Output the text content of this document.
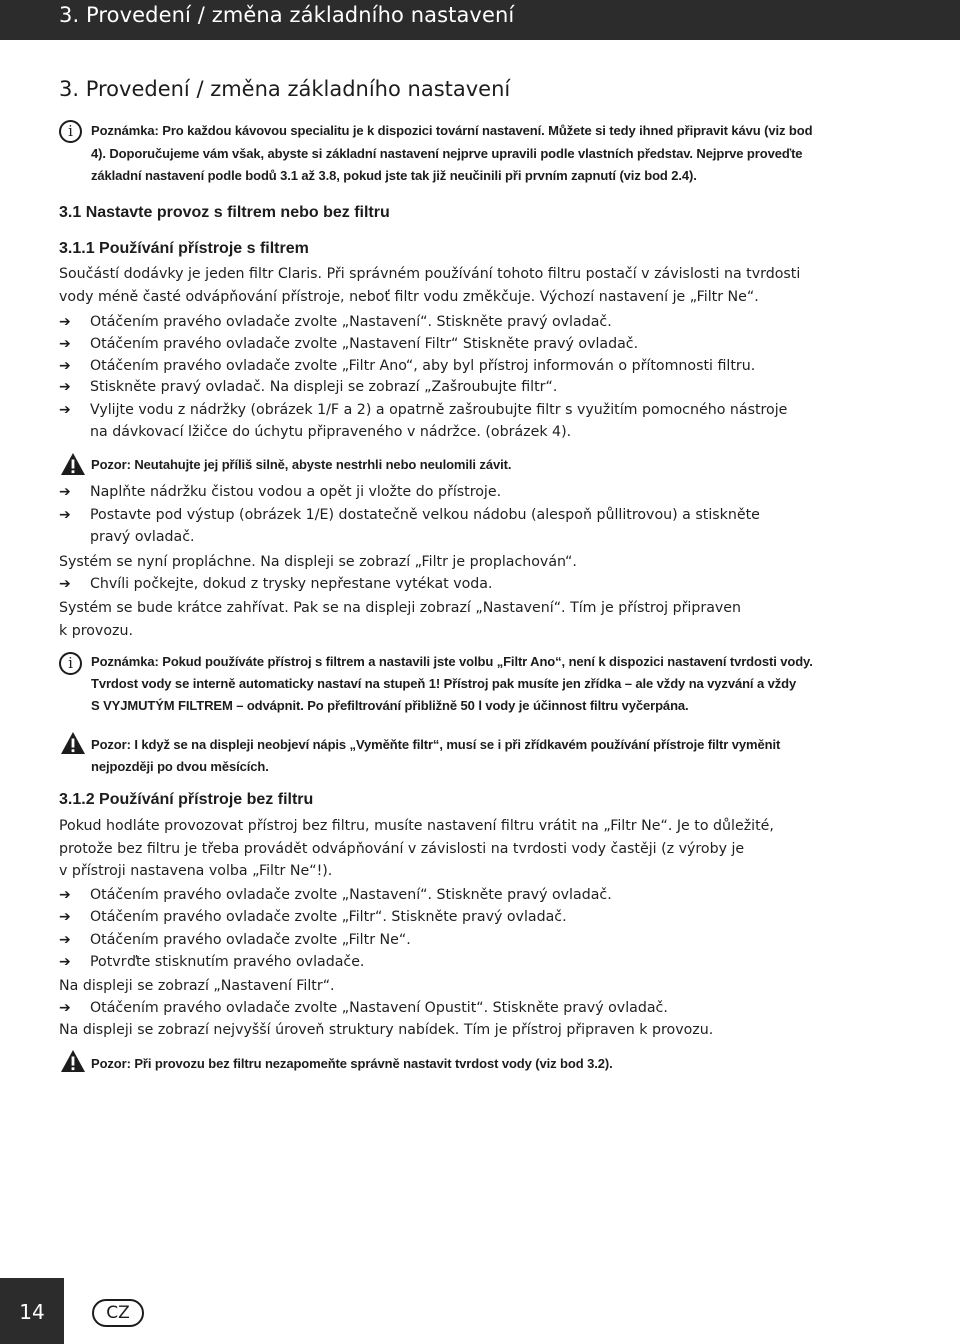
3. Provedení / změna základního nastavení
3. Provedení / změna základního nastavení
i	Poznámka: Pro každou kávovou specialitu je k dispozici tovární nastavení. Můžete si tedy ihned připravit kávu (viz bod
4). Doporučujeme vám však, abyste si základní nastavení nejprve upravili podle vlastních představ. Nejprve proveďte
základní nastavení podle bodů 3.1 až 3.8, pokud jste tak již neučinili při prvním zapnutí (viz bod 2.4).
3.1 Nastavte provoz s filtrem nebo bez filtru
3.1.1 Používání přístroje s filtrem
Součástí dodávky je jeden filtr Claris. Při správném používání tohoto filtru postačí v závislosti na tvrdosti
vody méně časté odvápňování přístroje, neboť filtr vodu změkčuje. Výchozí nastavení je „Filtr Ne“.
➔ Otáčením pravého ovladače zvolte „Nastavení“. Stiskněte pravý ovladač.
➔ Otáčením pravého ovladače zvolte „Nastavení Filtr“ Stiskněte pravý ovladač.
➔ Otáčením pravého ovladače zvolte „Filtr Ano“, aby byl přístroj informován o přítomnosti filtru.
➔ Stiskněte pravý ovladač. Na displeji se zobrazí „Zašroubujte filtr“.
➔ Vylijte vodu z nádržky (obrázek 1/F a 2) a opatrně zašroubujte filtr s využitím pomocného nástroje
na dávkovací lžičce do úchytu připraveného v nádržce. (obrázek 4).
Pozor: Neutahujte jej příliš silně, abyste nestrhli nebo neulomili závit.
➔ Naplňte nádržku čistou vodou a opět ji vložte do přístroje.
➔ Postavte pod výstup (obrázek 1/E) dostatečně velkou nádobu (alespoň půllitrovou) a stiskněte
pravý ovladač.
Systém se nyní propláchne. Na displeji se zobrazí „Filtr je proplachován“.
➔ Chvíli počkejte, dokud z trysky nepřestane vytékat voda.
Systém se bude krátce zahřívat. Pak se na displeji zobrazí „Nastavení“. Tím je přístroj připraven
k provozu.
i	Poznámka: Pokud používáte přístroj s filtrem a nastavili jste volbu „Filtr Ano“, není k dispozici nastavení tvrdosti vody.
Tvrdost vody se interně automaticky nastaví na stupeň 1! Přístroj pak musíte jen zřídka – ale vždy na vyzvání a vždy
S VYJMUTÝM FILTREM – odvápnit. Po přefiltrování přibližně 50 l vody je účinnost filtru vyčerpána.
Pozor: I když se na displeji neobjeví nápis „Vyměňte filtr“, musí se i při zřídkavém používání přístroje filtr vyměnit
nejpozději po dvou měsících.
3.1.2 Používání přístroje bez filtru
Pokud hodláte provozovat přístroj bez filtru, musíte nastavení filtru vrátit na „Filtr Ne“. Je to důležité,
protože bez filtru je třeba provádět odvápňování v závislosti na tvrdosti vody častěji (z výroby je
v přístroji nastavena volba „Filtr Ne“!).
➔ Otáčením pravého ovladače zvolte „Nastavení“. Stiskněte pravý ovladač.
➔ Otáčením pravého ovladače zvolte „Filtr“. Stiskněte pravý ovladač.
➔ Otáčením pravého ovladače zvolte „Filtr Ne“.
➔ Potvrďte stisknutím pravého ovladače.
Na displeji se zobrazí „Nastavení Filtr“.
➔ Otáčením pravého ovladače zvolte „Nastavení Opustit“. Stiskněte pravý ovladač.
Na displeji se zobrazí nejvyšší úroveň struktury nabídek. Tím je přístroj připraven k provozu.
Pozor: Při provozu bez filtru nezapomeňte správně nastavit tvrdost vody (viz bod 3.2).
14	CZ
